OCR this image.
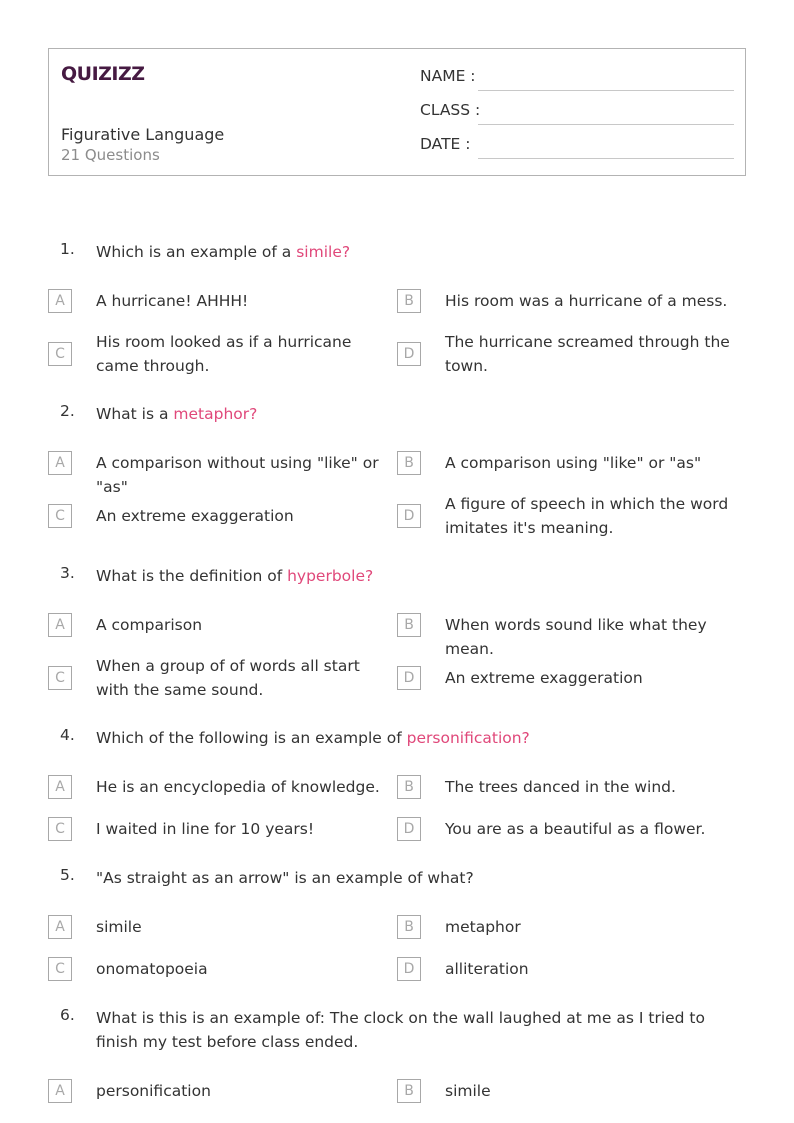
QUIZIZZ
Figurative Language
21 Questions
NAME :
CLASS :
DATE :
1. Which is an example of a simile?
A	A hurricane! AHHH!	B	His room was a hurricane of a mess.
C
His room looked as if a hurricane came through.
D
The hurricane screamed through the town.
2. What is a metaphor?
A	A comparison without using "like" or "as"
B	A comparison using "like" or "as"
C	An extreme exaggeration	D
A figure of speech in which the word imitates it's meaning.
3. What is the definition of hyperbole?
A	A comparison	B	When words sound like what they mean.
C
When a group of of words all start with the same sound.
D	An extreme exaggeration
4. Which of the following is an example of personification?
A	He is an encyclopedia of knowledge.	B	The trees danced in the wind.
C	I waited in line for 10 years!	D	You are as a beautiful as a flower.
5. "As straight as an arrow" is an example of what?
A	simile	B	metaphor
C	onomatopoeia	D	alliteration
6. What is this is an example of: The clock on the wall laughed at me as I tried to finish my test before class ended.
A	personification	B	simile
